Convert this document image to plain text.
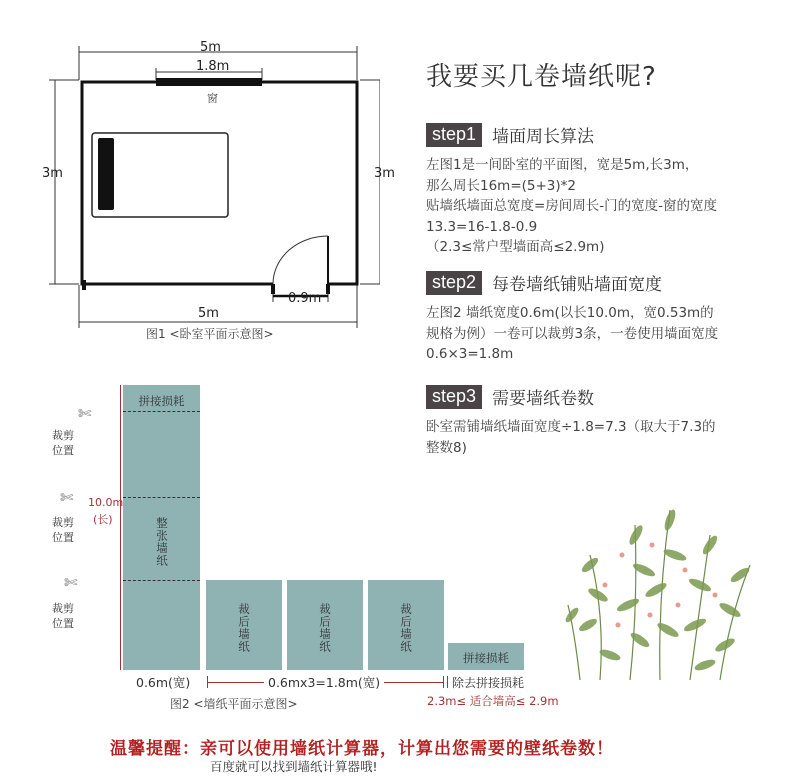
5m
1.8m
窗
3m	3m
5m
0.9m
图1 <卧室平面示意图>
我要买几卷墙纸呢?
step1 墙面周长算法
左图1是一间卧室的平面图，宽是5m,长3m，
那么周长16m=(5+3)*2
贴墙纸墙面总宽度=房间周长-门的宽度-窗的宽度
13.3=16-1.8-0.9
（2.3≤常户型墙面高≤2.9m)
step2 每卷墙纸铺贴墙面宽度
左图2 墙纸宽度0.6m(以长10.0m，宽0.53m的
规格为例）一卷可以裁剪3条，一卷使用墙面宽度
0.6×3=1.8m
step3 需要墙纸卷数
卧室需铺墙纸墙面宽度÷1.8=7.3（取大于7.3的
整数8)
拼接损耗
整张墙纸
10.0m
(长)
✄
✄
✄
裁剪位置
裁剪位置
裁剪位置	裁后墙纸	裁后墙纸	裁后墙纸
拼接损耗
0.6m(宽)	0.6mx3=1.8m(宽)	除去拼接损耗
2.3m≤ 适合墙高≤ 2.9m
图2 <墙纸平面示意图>
温馨提醒：亲可以使用墙纸计算器，计算出您需要的壁纸卷数！
百度就可以找到墙纸计算器哦!
